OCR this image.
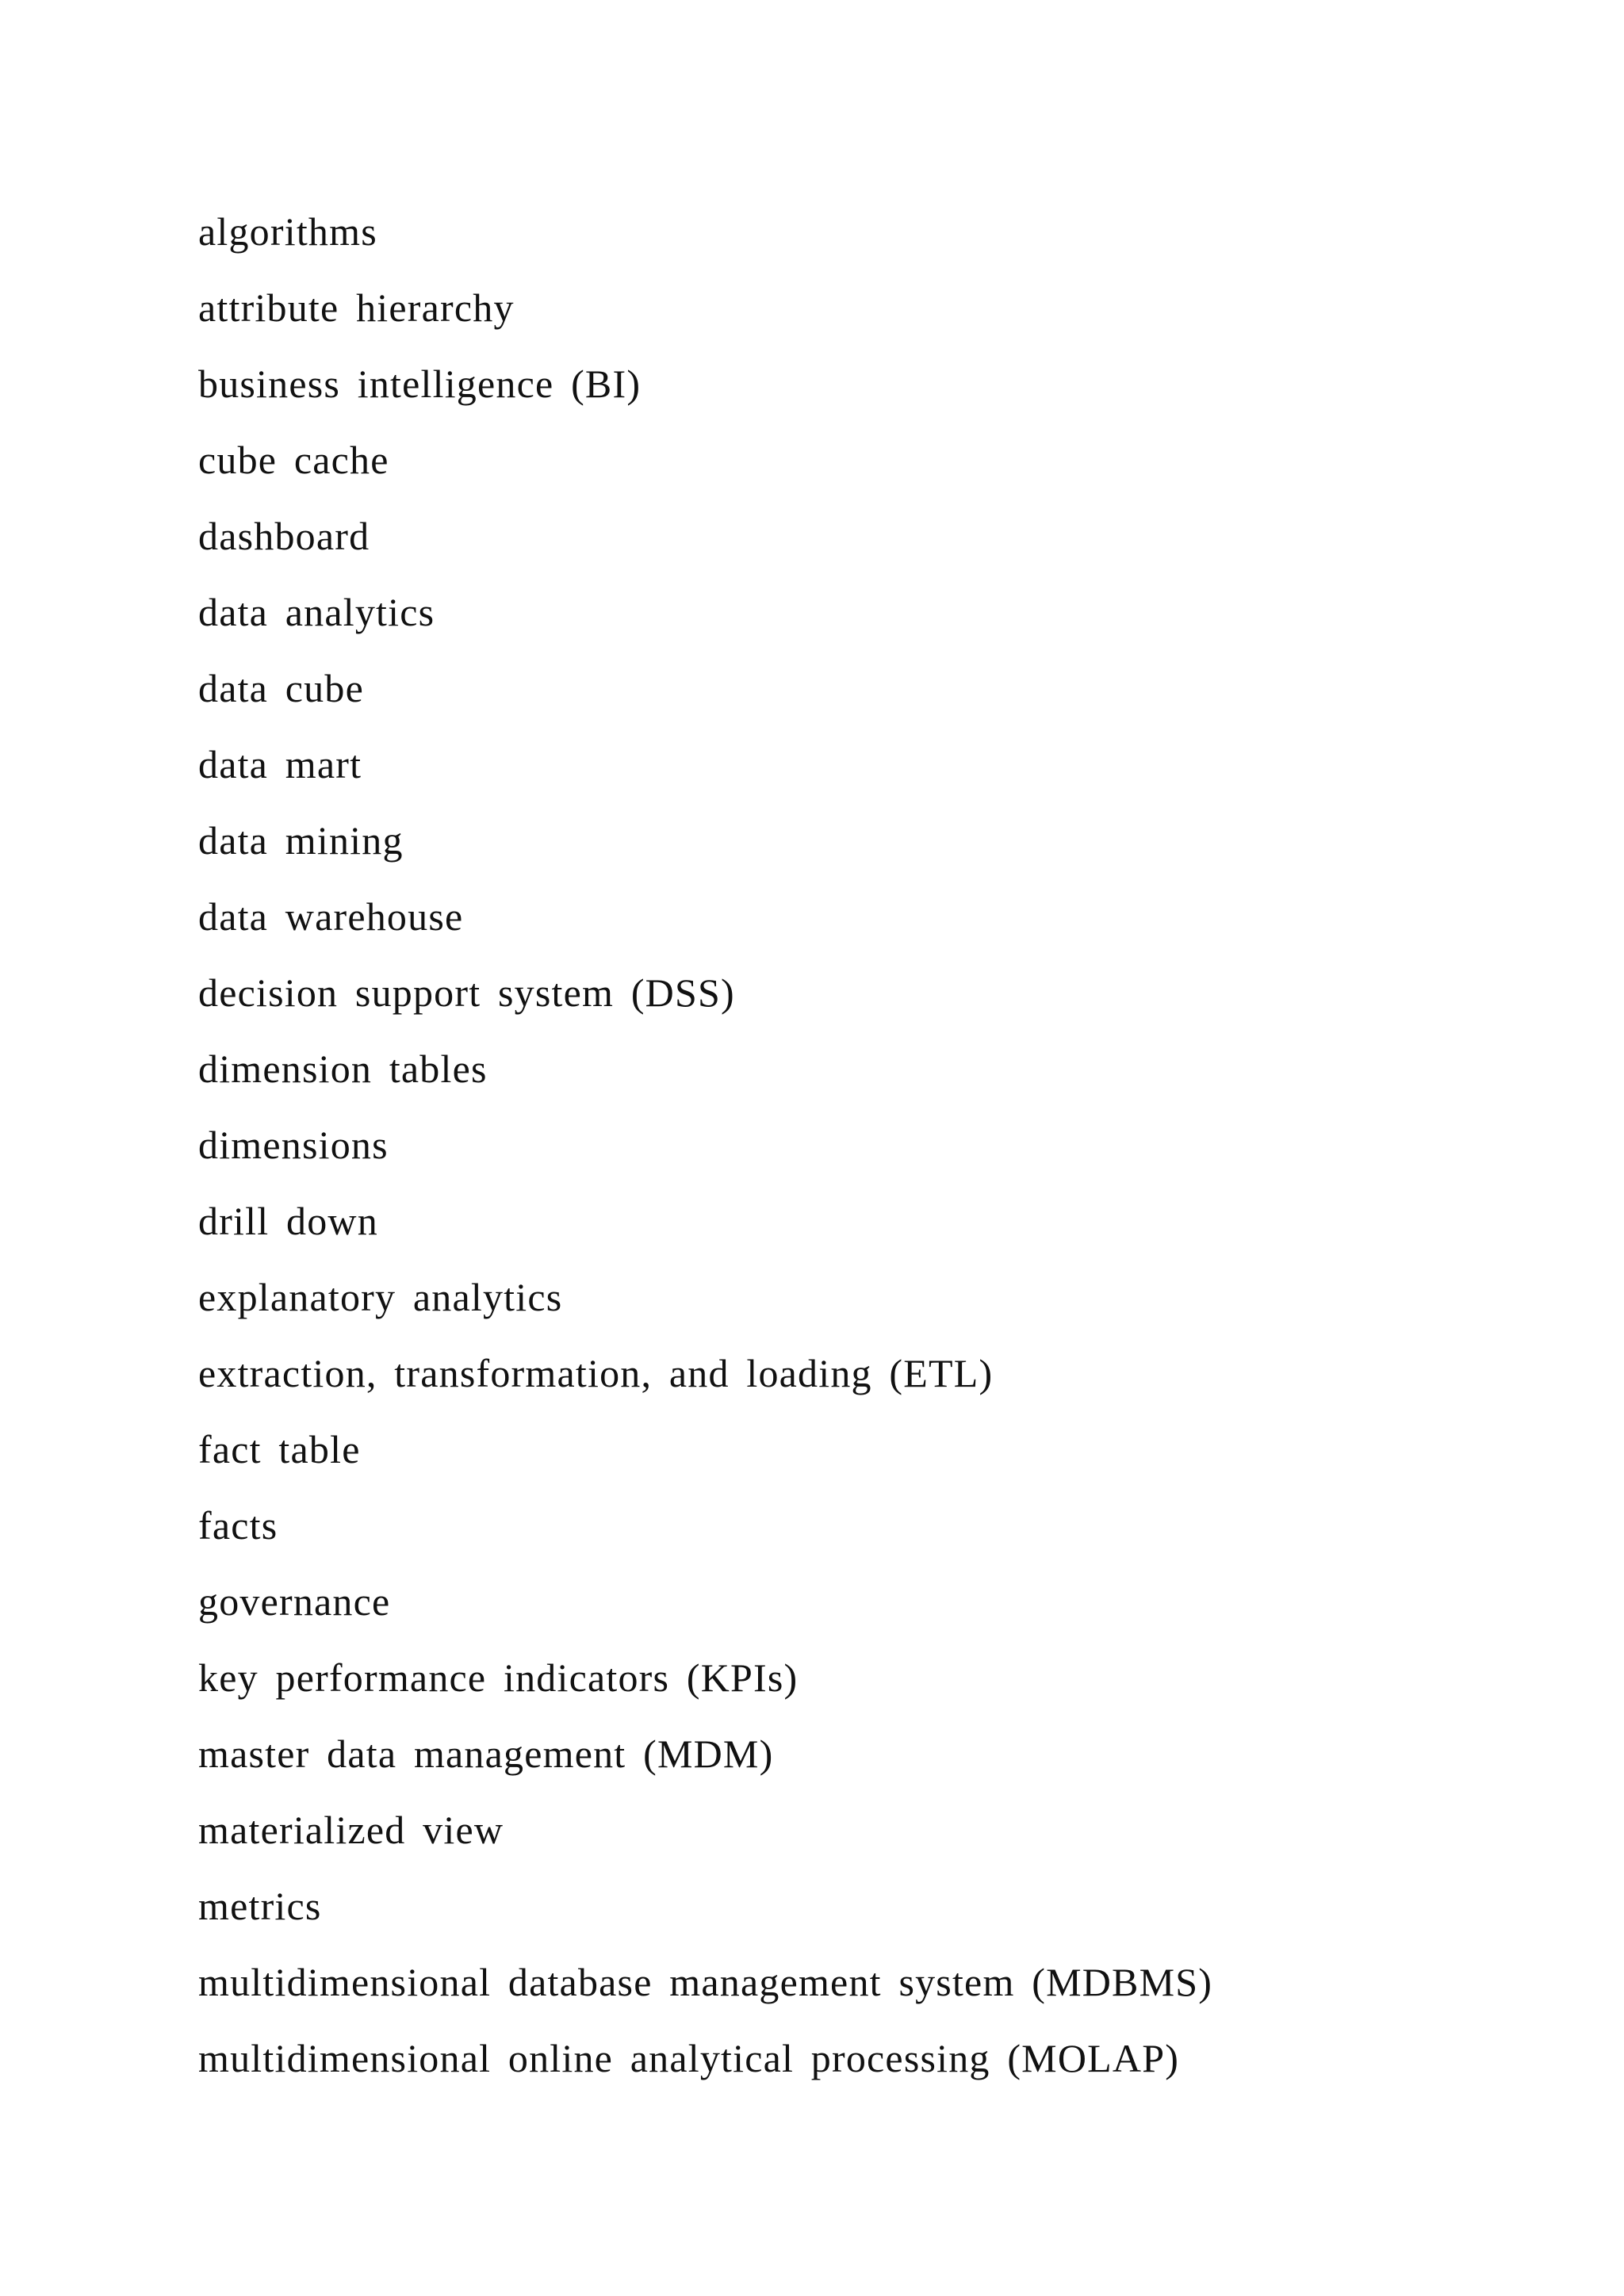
algorithms
attribute hierarchy
business intelligence (BI)
cube cache
dashboard
data analytics
data cube
data mart
data mining
data warehouse
decision support system (DSS)
dimension tables
dimensions
drill down
explanatory analytics
extraction, transformation, and loading (ETL)
fact table
facts
governance
key performance indicators (KPIs)
master data management (MDM)
materialized view
metrics
multidimensional database management system (MDBMS)
multidimensional online analytical processing (MOLAP)
